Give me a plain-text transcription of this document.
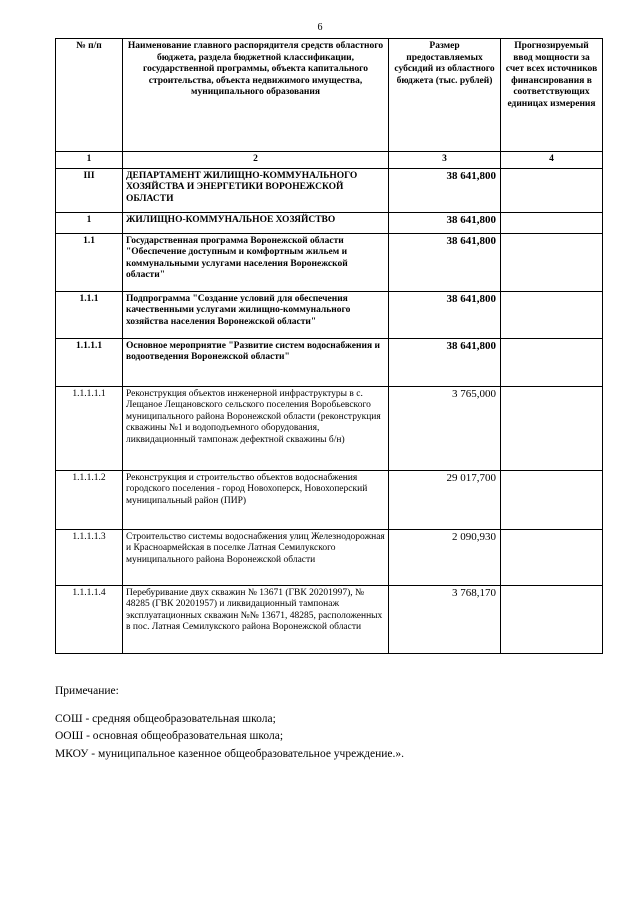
6
№ п/п	Наименование главного распорядителя средств областного бюджета, раздела бюджетной классификации, государственной программы, объекта капитального строительства, объекта недвижимого имущества, муниципального образования	Размер предоставляемых субсидий из областного бюджета (тыс. рублей)	Прогнозируемый ввод мощности за счет всех источников финансирования в соответствующих единицах измерения
1	2	3	4
III	ДЕПАРТАМЕНТ ЖИЛИЩНО-КОММУНАЛЬНОГО ХОЗЯЙСТВА И ЭНЕРГЕТИКИ ВОРОНЕЖСКОЙ ОБЛАСТИ	38 641,800	
1	ЖИЛИЩНО-КОММУНАЛЬНОЕ ХОЗЯЙСТВО	38 641,800	
1.1	Государственная программа Воронежской области "Обеспечение доступным и комфортным жильем и коммунальными услугами населения Воронежской области"	38 641,800	
1.1.1	Подпрограмма "Создание условий для обеспечения качественными услугами жилищно-коммунального хозяйства населения Воронежской области"	38 641,800	
1.1.1.1	Основное мероприятие "Развитие систем водоснабжения и водоотведения Воронежской области"	38 641,800	
1.1.1.1.1	Реконструкция объектов инженерной инфраструктуры в с. Лещаное Лещановского сельского поселения Воробьевского муниципального района Воронежской области (реконструкция скважины №1 и водоподъемного оборудования, ликвидационный тампонаж дефектной скважины б/н)	3 765,000	
1.1.1.1.2	Реконструкция и строительство объектов водоснабжения городского поселения - город Новохоперск, Новохоперский муниципальный район (ПИР)	29 017,700	
1.1.1.1.3	Строительство системы водоснабжения улиц Железнодорожная и Красноармейская в поселке Латная Семилукского муниципального района Воронежской области	2 090,930	
1.1.1.1.4	Перебуривание двух скважин № 13671 (ГВК 20201997), № 48285 (ГВК 20201957) и ликвидационный тампонаж эксплуатационных скважин №№ 13671, 48285, расположенных в пос. Латная Семилукского района Воронежской области	3 768,170	
Примечание:
СОШ - средняя общеобразовательная школа;
ООШ - основная общеобразовательная школа;
МКОУ - муниципальное казенное общеобразовательное учреждение.».
